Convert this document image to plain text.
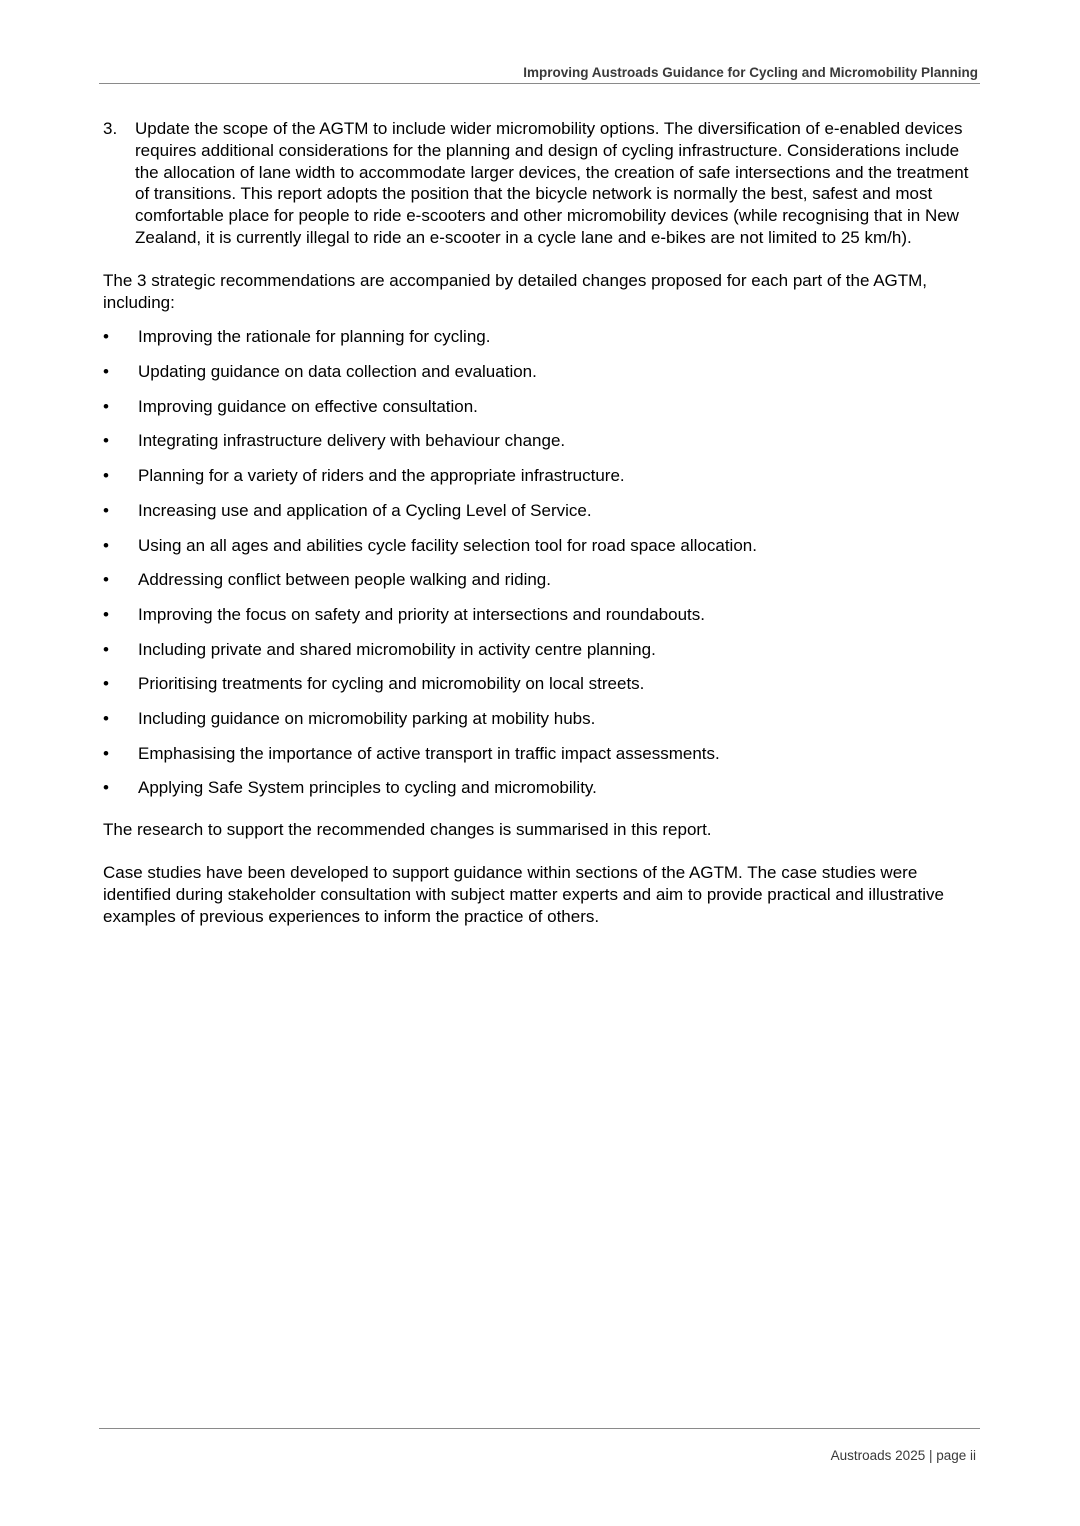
Improving Austroads Guidance for Cycling and Micromobility Planning
3. Update the scope of the AGTM to include wider micromobility options. The diversification of e-enabled devices requires additional considerations for the planning and design of cycling infrastructure. Considerations include the allocation of lane width to accommodate larger devices, the creation of safe intersections and the treatment of transitions. This report adopts the position that the bicycle network is normally the best, safest and most comfortable place for people to ride e-scooters and other micromobility devices (while recognising that in New Zealand, it is currently illegal to ride an e-scooter in a cycle lane and e-bikes are not limited to 25 km/h).

The 3 strategic recommendations are accompanied by detailed changes proposed for each part of the AGTM, including:

• Improving the rationale for planning for cycling.
• Updating guidance on data collection and evaluation.
• Improving guidance on effective consultation.
• Integrating infrastructure delivery with behaviour change.
• Planning for a variety of riders and the appropriate infrastructure.
• Increasing use and application of a Cycling Level of Service.
• Using an all ages and abilities cycle facility selection tool for road space allocation.
• Addressing conflict between people walking and riding.
• Improving the focus on safety and priority at intersections and roundabouts.
• Including private and shared micromobility in activity centre planning.
• Prioritising treatments for cycling and micromobility on local streets.
• Including guidance on micromobility parking at mobility hubs.
• Emphasising the importance of active transport in traffic impact assessments.
• Applying Safe System principles to cycling and micromobility.

The research to support the recommended changes is summarised in this report.

Case studies have been developed to support guidance within sections of the AGTM. The case studies were identified during stakeholder consultation with subject matter experts and aim to provide practical and illustrative examples of previous experiences to inform the practice of others.

Austroads 2025 | page ii
